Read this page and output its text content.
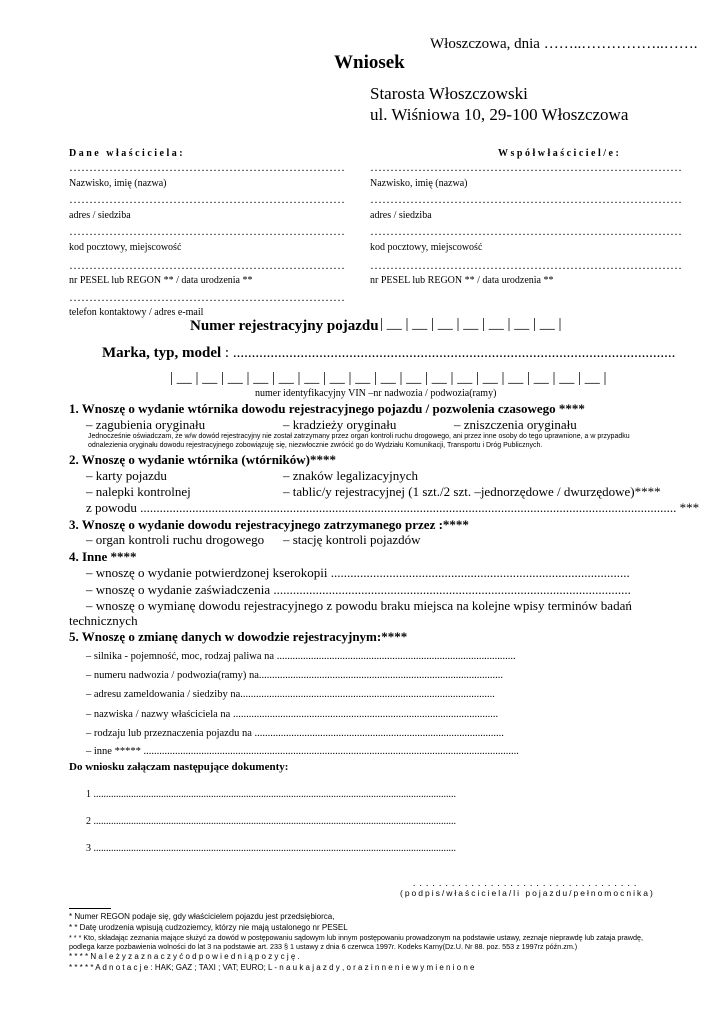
Włoszczowa, dnia ……..……………..…….
Wniosek
Starosta Włoszczowski
ul. Wiśniowa 10, 29-100 Włoszczowa
Dane właściciela:
……………………………………………………………
Nazwisko, imię (nazwa)
……………………………………………………………
adres / siedziba
……………………………………………………………
kod pocztowy, miejscowość
……………………………………………………………
nr PESEL lub REGON ** / data urodzenia **
……………………………………………………………
telefon kontaktowy / adres e-mail
Współwłaściciel/e:
……………………………………………………………………
Nazwisko, imię (nazwa)
……………………………………………………………………
adres / siedziba
……………………………………………………………………
kod pocztowy, miejscowość
……………………………………………………………………
nr PESEL lub REGON ** / data urodzenia **
Numer rejestracyjny pojazdu | __ | __ | __ | __ | __ | __ | __ |
Marka, typ, model : ......................................................................................................................
| __ | __ | __ | __ | __ | __ | __ | __ | __ | __ | __ | __ | __ | __ | __ | __ | __ |
numer identyfikacyjny VIN –nr nadwozia / podwozia(ramy)
1. Wnoszę o wydanie wtórnika dowodu rejestracyjnego pojazdu / pozwolenia czasowego ****
– zagubienia oryginału	– kradzieży oryginału	– zniszczenia oryginału
Jednocześnie oświadczam, że w/w dowód rejestracyjny nie został zatrzymany przez organ kontroli ruchu drogowego, ani przez inne osoby do tego uprawnione, a w przypadku
odnalezienia oryginału dowodu rejestracyjnego zobowiązuję się, niezwłocznie zwrócić go do Wydziału Komunikacji, Transportu i Dróg Publicznych.
2. Wnoszę o wydanie wtórnika (wtórników)****
– karty pojazdu	– znaków legalizacyjnych
– nalepki kontrolnej	– tablic/y rejestracyjnej (1 szt./2 szt. –jednorzędowe / dwurzędowe)****
z powodu ..................................................................................................................................................................... ***
3. Wnoszę o wydanie dowodu rejestracyjnego zatrzymanego przez :****
– organ kontroli ruchu drogowego – stację kontroli pojazdów
4. Inne ****
– wnoszę o wydanie potwierdzonej kserokopii ............................................................................................
– wnoszę o wydanie zaświadczenia ..............................................................................................................
– wnoszę o wymianę dowodu rejestracyjnego z powodu braku miejsca na kolejne wpisy terminów badań
technicznych
5. Wnoszę o zmianę danych w dowodzie rejestracyjnym:****
– silnika - pojemność, moc, rodzaj paliwa na ...........................................................................................
– numeru nadwozia / podwozia(ramy) na.............................................................................................
– adresu zameldowania / siedziby na.................................................................................................
– nazwiska / nazwy właściciela na .....................................................................................................
– rodzaju lub przeznaczenia pojazdu na ...............................................................................................
– inne ***** ...............................................................................................................................................
Do wniosku załączam następujące dokumenty:
1 .................................................................................................................................................
2 .................................................................................................................................................
3 .................................................................................................................................................
. . . . . . . . . . . . . . . . . . . . . . . . . . . . . . . . . . .
(podpis/właściciela/li pojazdu/pełnomocnika)
* Numer REGON podaje się, gdy właścicielem pojazdu jest przedsiębiorca,
* * Datę urodzenia wpisują cudzoziemcy, którzy nie mają ustalonego nr PESEL
* * * Kto, składając zeznania mające służyć za dowód w postępowaniu sądowym lub innym postępowaniu prowadzonym na podstawie ustawy, zeznaje nieprawdę lub zataja prawdę,
podlega karze pozbawienia wolności do lat 3 na podstawie art. 233 § 1 ustawy z dnia 6 czerwca 1997r. Kodeks Karny(Dz.U. Nr 88. poz. 553 z 1997rz późn.zm.)
* * * * N a l e ż y z a z n a c z y ć o d p o w i e d n i ą p o z y c j ę .
* * * * * A d n o t a c j e : HAK; GAZ ; TAXI ; VAT; EURO; L - n a u k a j a z d y , o r a z i n n e n i e w y m i e n i o n e
